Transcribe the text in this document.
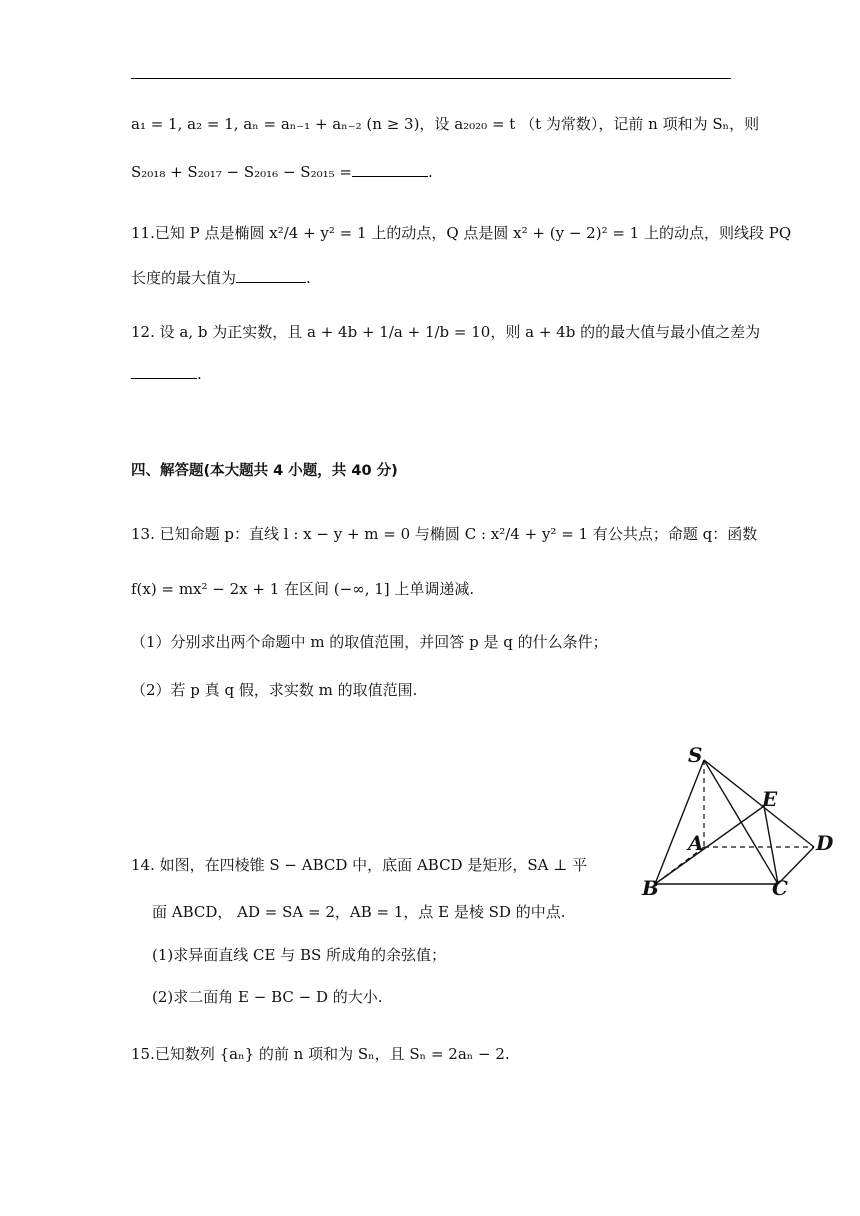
a₁ = 1, a₂ = 1, aₙ = aₙ₋₁ + aₙ₋₂ (n ≥ 3)，设 a₂₀₂₀ = t （t 为常数），记前 n 项和为 Sₙ，则
S₂₀₁₈ + S₂₀₁₇ − S₂₀₁₆ − S₂₀₁₅ =	.
11.已知 P 点是椭圆 x²/4 + y² = 1 上的动点，Q 点是圆 x² + (y − 2)² = 1 上的动点，则线段 PQ
长度的最大值为	.
12. 设 a, b 为正实数，且 a + 4b + 1/a + 1/b = 10，则 a + 4b 的的最大值与最小值之差为
.
四、解答题(本大题共 4 小题，共 40 分)
13. 已知命题 p：直线 l : x − y + m = 0 与椭圆 C : x²/4 + y² = 1 有公共点；命题 q：函数
f(x) = mx² − 2x + 1 在区间 (−∞, 1] 上单调递减.
（1）分别求出两个命题中 m 的取值范围，并回答 p 是 q 的什么条件；
（2）若 p 真 q 假，求实数 m 的取值范围.
14. 如图，在四棱锥 S − ABCD 中，底面 ABCD 是矩形，SA ⊥ 平
面 ABCD， AD = SA = 2，AB = 1，点 E 是棱 SD 的中点.
(1)求异面直线 CE 与 BS 所成角的余弦值；
(2)求二面角 E − BC − D 的大小.
15.已知数列 {aₙ} 的前 n 项和为 Sₙ，且 Sₙ = 2aₙ − 2.
S
E
A	D
B	C
